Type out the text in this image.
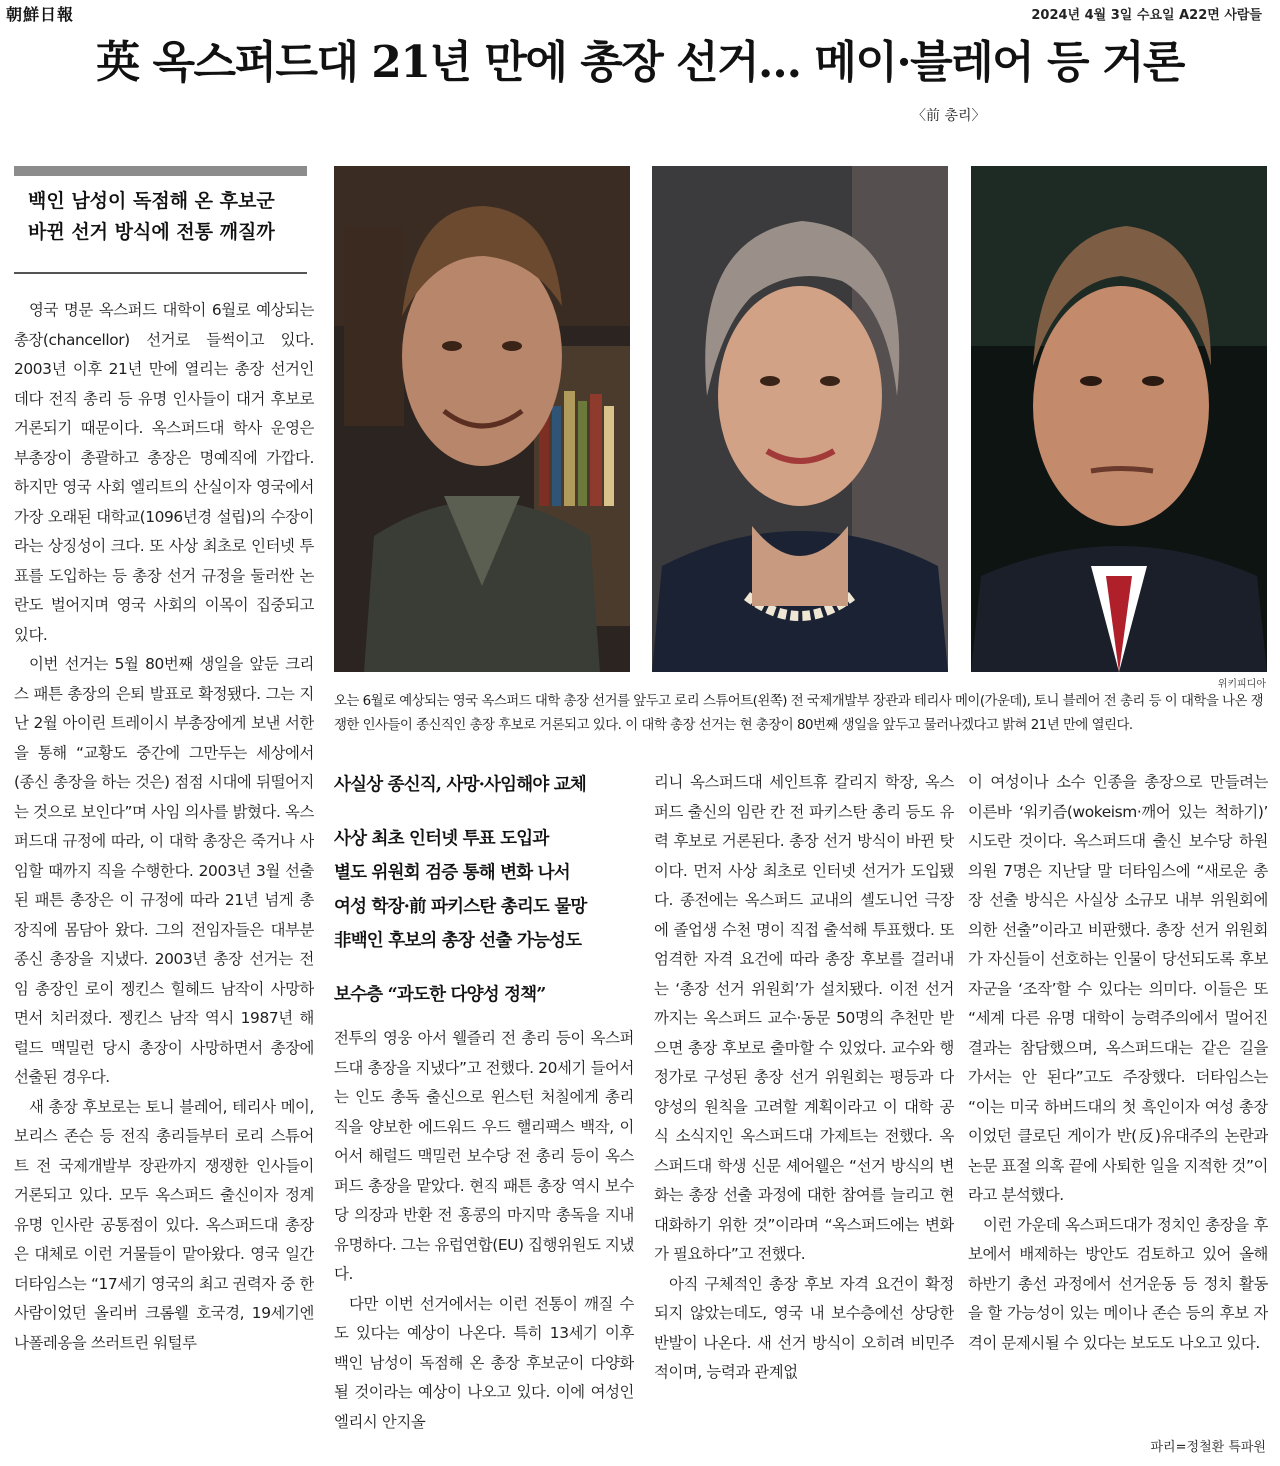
朝鮮日報	2024년 4월 3일 수요일 A22면 사람들
英 옥스퍼드대 21년 만에 총장 선거… 메이·블레어 등 거론
〈前 총리〉
백인 남성이 독점해 온 후보군
바뀐 선거 방식에 전통 깨질까

영국 명문 옥스퍼드 대학이 6월로 예상되는 총장(chancellor) 선거로 들썩이고 있다. 2003년 이후 21년 만에 열리는 총장 선거인 데다 전직 총리 등 유명 인사들이 대거 후보로 거론되기 때문이다. 옥스퍼드대 학사 운영은 부총장이 총괄하고 총장은 명예직에 가깝다. 하지만 영국 사회 엘리트의 산실이자 영국에서 가장 오래된 대학교(1096년경 설립)의 수장이라는 상징성이 크다. 또 사상 최초로 인터넷 투표를 도입하는 등 총장 선거 규정을 둘러싼 논란도 벌어지며 영국 사회의 이목이 집중되고 있다.

이번 선거는 5월 80번째 생일을 앞둔 크리스 패튼 총장의 은퇴 발표로 확정됐다. 그는 지난 2월 아이린 트레이시 부총장에게 보낸 서한을 통해 “교황도 중간에 그만두는 세상에서 (종신 총장을 하는 것은) 점점 시대에 뒤떨어지는 것으로 보인다”며 사임 의사를 밝혔다. 옥스퍼드대 규정에 따라, 이 대학 총장은 죽거나 사임할 때까지 직을 수행한다. 2003년 3월 선출된 패튼 총장은 이 규정에 따라 21년 넘게 총장직에 몸담아 왔다. 그의 전임자들은 대부분 종신 총장을 지냈다. 2003년 총장 선거는 전임 총장인 로이 젱킨스 힐헤드 남작이 사망하면서 치러졌다. 젱킨스 남작 역시 1987년 해럴드 맥밀런 당시 총장이 사망하면서 총장에 선출된 경우다.

새 총장 후보로는 토니 블레어, 테리사 메이, 보리스 존슨 등 전직 총리들부터 로리 스튜어트 전 국제개발부 장관까지 쟁쟁한 인사들이 거론되고 있다. 모두 옥스퍼드 출신이자 정계 유명 인사란 공통점이 있다. 옥스퍼드대 총장은 대체로 이런 거물들이 맡아왔다. 영국 일간 더타임스는 “17세기 영국의 최고 권력자 중 한 사람이었던 올리버 크롬웰 호국경, 19세기엔 나폴레옹을 쓰러트린 워털루

위키피디아
오는 6월로 예상되는 영국 옥스퍼드 대학 총장 선거를 앞두고 로리 스튜어트(왼쪽) 전 국제개발부 장관과 테리사 메이(가운데), 토니 블레어 전 총리 등 이 대학을 나온 쟁쟁한 인사들이 종신직인 총장 후보로 거론되고 있다. 이 대학 총장 선거는 현 총장이 80번째 생일을 앞두고 물러나겠다고 밝혀 21년 만에 열린다.
사실상 종신직, 사망·사임해야 교체
사상 최초 인터넷 투표 도입과
별도 위원회 검증 통해 변화 나서
여성 학장·前 파키스탄 총리도 물망
非백인 후보의 총장 선출 가능성도
보수층 “과도한 다양성 정책”

전투의 영웅 아서 웰즐리 전 총리 등이 옥스퍼드대 총장을 지냈다”고 전했다. 20세기 들어서는 인도 총독 출신으로 윈스턴 처칠에게 총리직을 양보한 에드워드 우드 핼리팩스 백작, 이어서 해럴드 맥밀런 보수당 전 총리 등이 옥스퍼드 총장을 맡았다. 현직 패튼 총장 역시 보수당 의장과 반환 전 홍콩의 마지막 총독을 지내 유명하다. 그는 유럽연합(EU) 집행위원도 지냈다.

다만 이번 선거에서는 이런 전통이 깨질 수도 있다는 예상이 나온다. 특히 13세기 이후 백인 남성이 독점해 온 총장 후보군이 다양화될 것이라는 예상이 나오고 있다. 이에 여성인 엘리시 안지올

리니 옥스퍼드대 세인트휴 칼리지 학장, 옥스퍼드 출신의 임란 칸 전 파키스탄 총리 등도 유력 후보로 거론된다. 총장 선거 방식이 바뀐 탓이다. 먼저 사상 최초로 인터넷 선거가 도입됐다. 종전에는 옥스퍼드 교내의 셸도니언 극장에 졸업생 수천 명이 직접 출석해 투표했다. 또 엄격한 자격 요건에 따라 총장 후보를 걸러내는 ‘총장 선거 위원회’가 설치됐다. 이전 선거까지는 옥스퍼드 교수·동문 50명의 추천만 받으면 총장 후보로 출마할 수 있었다. 교수와 행정가로 구성된 총장 선거 위원회는 평등과 다양성의 원칙을 고려할 계획이라고 이 대학 공식 소식지인 옥스퍼드대 가제트는 전했다. 옥스퍼드대 학생 신문 셰어웰은 “선거 방식의 변화는 총장 선출 과정에 대한 참여를 늘리고 현대화하기 위한 것”이라며 “옥스퍼드에는 변화가 필요하다”고 전했다.

아직 구체적인 총장 후보 자격 요건이 확정되지 않았는데도, 영국 내 보수층에선 상당한 반발이 나온다. 새 선거 방식이 오히려 비민주적이며, 능력과 관계없

이 여성이나 소수 인종을 총장으로 만들려는 이른바 ‘워키즘(wokeism·깨어 있는 척하기)’ 시도란 것이다. 옥스퍼드대 출신 보수당 하원 의원 7명은 지난달 말 더타임스에 “새로운 총장 선출 방식은 사실상 소규모 내부 위원회에 의한 선출”이라고 비판했다. 총장 선거 위원회가 자신들이 선호하는 인물이 당선되도록 후보자군을 ‘조작’할 수 있다는 의미다. 이들은 또 “세계 다른 유명 대학이 능력주의에서 멀어진 결과는 참담했으며, 옥스퍼드대는 같은 길을 가서는 안 된다”고도 주장했다. 더타임스는 “이는 미국 하버드대의 첫 흑인이자 여성 총장이었던 클로딘 게이가 반(反)유대주의 논란과 논문 표절 의혹 끝에 사퇴한 일을 지적한 것”이라고 분석했다.

이런 가운데 옥스퍼드대가 정치인 총장을 후보에서 배제하는 방안도 검토하고 있어 올해 하반기 총선 과정에서 선거운동 등 정치 활동을 할 가능성이 있는 메이나 존슨 등의 후보 자격이 문제시될 수 있다는 보도도 나오고 있다.

파리=정철환 특파원
